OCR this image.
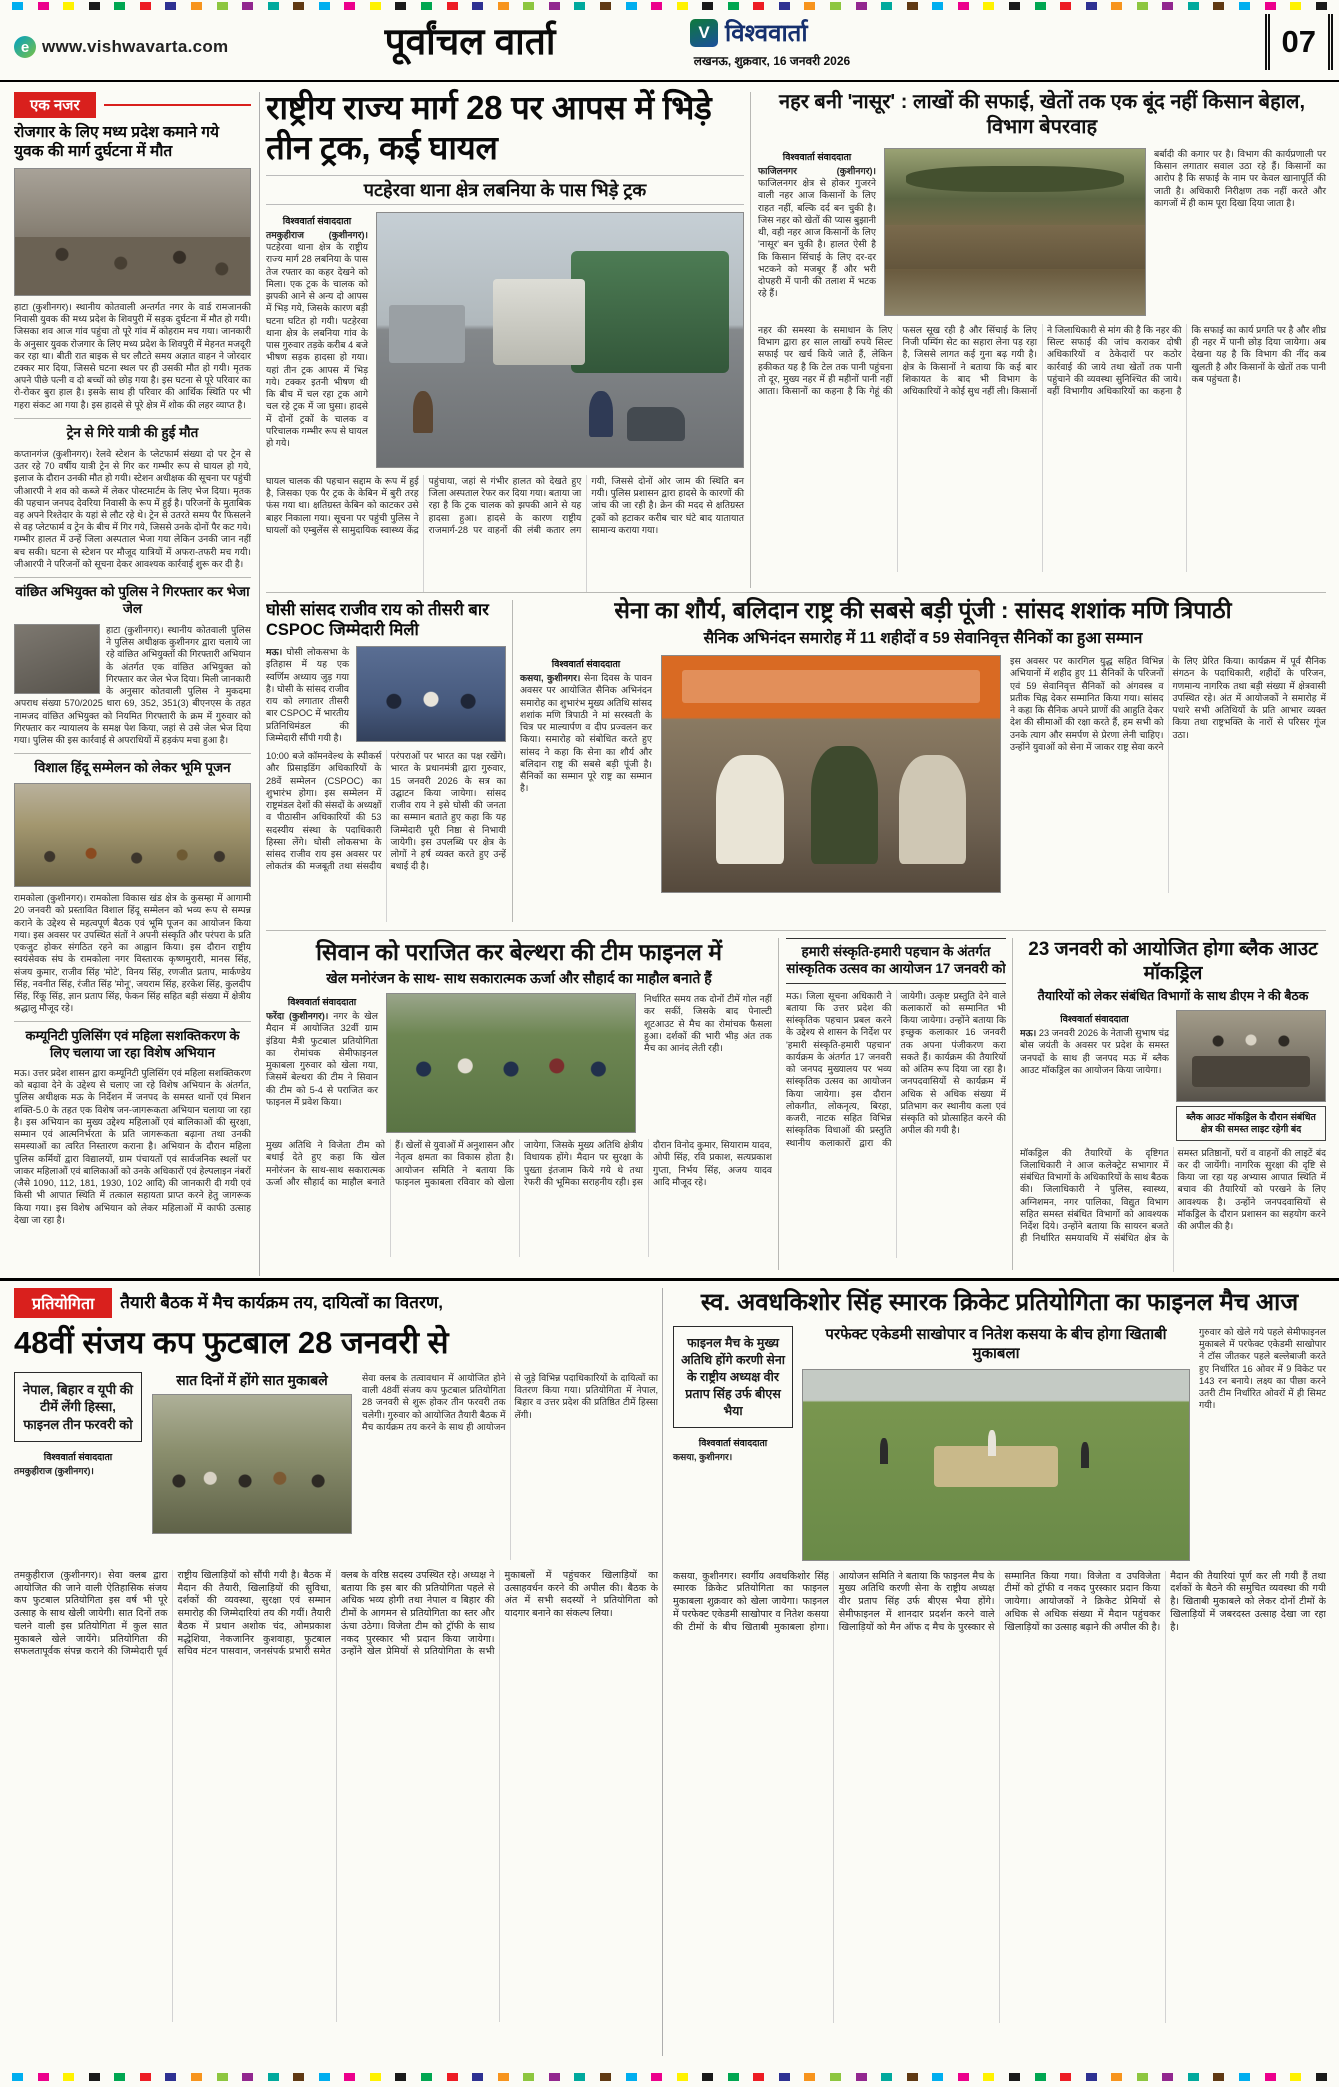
e www.vishwavarta.com	पूर्वांचल वार्ता	V विश्ववार्ता
लखनऊ, शुक्रवार, 16 जनवरी 2026
07
एक नजर
रोजगार के लिए मध्य प्रदेश कमाने गये युवक की मार्ग दुर्घटना में मौत
हाटा (कुशीनगर)। स्थानीय कोतवाली अन्तर्गत नगर के वार्ड रामजानकी निवासी युवक की मध्य प्रदेश के शिवपुरी में सड़क दुर्घटना में मौत हो गयी। जिसका शव आज गांव पहुंचा तो पूरे गांव में कोहराम मच गया। जानकारी के अनुसार युवक रोजगार के लिए मध्य प्रदेश के शिवपुरी में मेहनत मजदूरी कर रहा था। बीती रात बाइक से घर लौटते समय अज्ञात वाहन ने जोरदार टक्कर मार दिया, जिससे घटना स्थल पर ही उसकी मौत हो गयी। मृतक अपने पीछे पत्नी व दो बच्चों को छोड़ गया है। इस घटना से पूरे परिवार का रो-रोकर बुरा हाल है। इसके साथ ही परिवार की आर्थिक स्थिति पर भी गहरा संकट आ गया है। इस हादसे से पूरे क्षेत्र में शोक की लहर व्याप्त है।
ट्रेन से गिरे यात्री की हुई मौत
कप्तानगंज (कुशीनगर)। रेलवे स्टेशन के प्लेटफार्म संख्या दो पर ट्रेन से उतर रहे 70 वर्षीय यात्री ट्रेन से गिर कर गम्भीर रूप से घायल हो गये, इलाज के दौरान उनकी मौत हो गयी। स्टेशन अधीक्षक की सूचना पर पहुंची जीआरपी ने शव को कब्जे में लेकर पोस्टमार्टम के लिए भेज दिया। मृतक की पहचान जनपद देवरिया निवासी के रूप में हुई है। परिजनों के मुताबिक वह अपने रिश्तेदार के यहां से लौट रहे थे। ट्रेन से उतरते समय पैर फिसलने से वह प्लेटफार्म व ट्रेन के बीच में गिर गये, जिससे उनके दोनों पैर कट गये। गम्भीर हालत में उन्हें जिला अस्पताल भेजा गया लेकिन उनकी जान नहीं बच सकी। घटना से स्टेशन पर मौजूद यात्रियों में अफरा-तफरी मच गयी। जीआरपी ने परिजनों को सूचना देकर आवश्यक कार्रवाई शुरू कर दी है।
वांछित अभियुक्त को पुलिस ने गिरफ्तार कर भेजा जेल
हाटा (कुशीनगर)। स्थानीय कोतवाली पुलिस ने पुलिस अधीक्षक कुशीनगर द्वारा चलाये जा रहे वांछित अभियुक्तों की गिरफ्तारी अभियान के अंतर्गत एक वांछित अभियुक्त को गिरफ्तार कर जेल भेज दिया। मिली जानकारी के अनुसार कोतवाली पुलिस ने मुकदमा अपराध संख्या 570/2025 धारा 69, 352, 351(3) बीएनएस के तहत नामजद वांछित अभियुक्त को नियमित गिरफ्तारी के क्रम में गुरुवार को गिरफ्तार कर न्यायालय के समक्ष पेश किया, जहां से उसे जेल भेज दिया गया। पुलिस की इस कार्रवाई से अपराधियों में हड़कंप मचा हुआ है।
विशाल हिंदू सम्मेलन को लेकर भूमि पूजन
रामकोला (कुशीनगर)। रामकोला विकास खंड क्षेत्र के कुसम्हा में आगामी 20 जनवरी को प्रस्तावित विशाल हिंदू सम्मेलन को भव्य रूप से सम्पन्न कराने के उद्देश्य से महत्वपूर्ण बैठक एवं भूमि पूजन का आयोजन किया गया। इस अवसर पर उपस्थित संतों ने अपनी संस्कृति और परंपरा के प्रति एकजुट होकर संगठित रहने का आह्वान किया। इस दौरान राष्ट्रीय स्वयंसेवक संघ के रामकोला नगर विस्तारक कृष्णमुरारी, मानस सिंह, संजय कुमार, राजीव सिंह 'मोटे', विनय सिंह, रणजीत प्रताप, मार्कण्डेय सिंह, नवनीत सिंह, रंजीत सिंह 'मोनू', जयराम सिंह, हरकेश सिंह, कुलदीप सिंह, रिंकू सिंह, ज्ञान प्रताप सिंह, फेकन सिंह सहित बड़ी संख्या में क्षेत्रीय श्रद्धालु मौजूद रहे।
कम्यूनिटी पुलिसिंग एवं महिला सशक्तिकरण के लिए चलाया जा रहा विशेष अभियान
मऊ। उत्तर प्रदेश शासन द्वारा कम्यूनिटी पुलिसिंग एवं महिला सशक्तिकरण को बढ़ावा देने के उद्देश्य से चलाए जा रहे विशेष अभियान के अंतर्गत, पुलिस अधीक्षक मऊ के निर्देशन में जनपद के समस्त थानों एवं मिशन शक्ति-5.0 के तहत एक विशेष जन-जागरूकता अभियान चलाया जा रहा है। इस अभियान का मुख्य उद्देश्य महिलाओं एवं बालिकाओं की सुरक्षा, सम्मान एवं आत्मनिर्भरता के प्रति जागरूकता बढ़ाना तथा उनकी समस्याओं का त्वरित निस्तारण कराना है। अभियान के दौरान महिला पुलिस कर्मियों द्वारा विद्यालयों, ग्राम पंचायतों एवं सार्वजनिक स्थलों पर जाकर महिलाओं एवं बालिकाओं को उनके अधिकारों एवं हेल्पलाइन नंबरों (जैसे 1090, 112, 181, 1930, 102 आदि) की जानकारी दी गयी एवं किसी भी आपात स्थिति में तत्काल सहायता प्राप्त करने हेतु जागरूक किया गया। इस विशेष अभियान को लेकर महिलाओं में काफी उत्साह देखा जा रहा है।
राष्ट्रीय राज्य मार्ग 28 पर आपस में भिड़े तीन ट्रक, कई घायल
पटहेरवा थाना क्षेत्र लबनिया के पास भिड़े ट्रक
विश्ववार्ता संवाददाता
तमकुहीराज (कुशीनगर)। पटहेरवा थाना क्षेत्र के राष्ट्रीय राज्य मार्ग 28 लबनिया के पास तेज रफ्तार का कहर देखने को मिला। एक ट्रक के चालक को झपकी आने से अन्य दो आपस में भिड़ गये, जिसके कारण बड़ी घटना घटित हो गयी। पटहेरवा थाना क्षेत्र के लबनिया गांव के पास गुरुवार तड़के करीब 4 बजे भीषण सड़क हादसा हो गया। यहां तीन ट्रक आपस में भिड़ गये। टक्कर इतनी भीषण थी कि बीच में चल रहा ट्रक आगे चल रहे ट्रक में जा घुसा। हादसे में दोनों ट्रकों के चालक व परिचालक गम्भीर रूप से घायल हो गये।
घायल चालक की पहचान सद्दाम के रूप में हुई है, जिसका एक पैर ट्रक के केबिन में बुरी तरह फंस गया था। क्षतिग्रस्त केबिन को काटकर उसे बाहर निकाला गया। सूचना पर पहुंची पुलिस ने घायलों को एम्बुलेंस से सामुदायिक स्वास्थ्य केंद्र पहुंचाया, जहां से गंभीर हालत को देखते हुए जिला अस्पताल रेफर कर दिया गया। बताया जा रहा है कि ट्रक चालक को झपकी आने से यह हादसा हुआ। हादसे के कारण राष्ट्रीय राजमार्ग-28 पर वाहनों की लंबी कतार लग गयी, जिससे दोनों ओर जाम की स्थिति बन गयी। पुलिस प्रशासन द्वारा हादसे के कारणों की जांच की जा रही है। क्रेन की मदद से क्षतिग्रस्त ट्रकों को हटाकर करीब चार घंटे बाद यातायात सामान्य कराया गया।
नहर बनी 'नासूर' : लाखों की सफाई, खेतों तक एक बूंद नहीं किसान बेहाल, विभाग बेपरवाह
विश्ववार्ता संवाददाता
फाजिलनगर (कुशीनगर)। फाजिलनगर क्षेत्र से होकर गुजरने वाली नहर आज किसानों के लिए राहत नहीं, बल्कि दर्द बन चुकी है। जिस नहर को खेतों की प्यास बुझानी थी, वही नहर आज किसानों के लिए 'नासूर' बन चुकी है। हालत ऐसी है कि किसान सिंचाई के लिए दर-दर भटकने को मजबूर हैं और भरी दोपहरी में पानी की तलाश में भटक रहे हैं।
बर्बादी की कगार पर है। विभाग की कार्यप्रणाली पर किसान लगातार सवाल उठा रहे हैं। किसानों का आरोप है कि सफाई के नाम पर केवल खानापूर्ति की जाती है। अधिकारी निरीक्षण तक नहीं करते और कागजों में ही काम पूरा दिखा दिया जाता है।
नहर की समस्या के समाधान के लिए विभाग द्वारा हर साल लाखों रुपये सिल्ट सफाई पर खर्च किये जाते हैं, लेकिन हकीकत यह है कि टेल तक पानी पहुंचना तो दूर, मुख्य नहर में ही महीनों पानी नहीं आता। किसानों का कहना है कि गेहूं की फसल सूख रही है और सिंचाई के लिए निजी पम्पिंग सेट का सहारा लेना पड़ रहा है, जिससे लागत कई गुना बढ़ गयी है। क्षेत्र के किसानों ने बताया कि कई बार शिकायत के बाद भी विभाग के अधिकारियों ने कोई सुध नहीं ली। किसानों ने जिलाधिकारी से मांग की है कि नहर की सिल्ट सफाई की जांच कराकर दोषी अधिकारियों व ठेकेदारों पर कठोर कार्रवाई की जाये तथा खेतों तक पानी पहुंचाने की व्यवस्था सुनिश्चित की जाये। वहीं विभागीय अधिकारियों का कहना है कि सफाई का कार्य प्रगति पर है और शीघ्र ही नहर में पानी छोड़ दिया जायेगा। अब देखना यह है कि विभाग की नींद कब खुलती है और किसानों के खेतों तक पानी कब पहुंचता है।
घोसी सांसद राजीव राय को तीसरी बार CSPOC जिम्मेदारी मिली
मऊ। घोसी लोकसभा के इतिहास में यह एक स्वर्णिम अध्याय जुड़ गया है। घोसी के सांसद राजीव राय को लगातार तीसरी बार CSPOC में भारतीय प्रतिनिधिमंडल की जिम्मेदारी सौंपी गयी है।
10:00 बजे कॉमनवेल्थ के स्पीकर्स और प्रिसाइडिंग अधिकारियों के 28वें सम्मेलन (CSPOC) का शुभारंभ होगा। इस सम्मेलन में राष्ट्रमंडल देशों की संसदों के अध्यक्षों व पीठासीन अधिकारियों की 53 सदस्यीय संस्था के पदाधिकारी हिस्सा लेंगे। घोसी लोकसभा के सांसद राजीव राय इस अवसर पर लोकतंत्र की मजबूती तथा संसदीय परंपराओं पर भारत का पक्ष रखेंगे। भारत के प्रधानमंत्री द्वारा गुरुवार, 15 जनवरी 2026 के सत्र का उद्घाटन किया जायेगा। सांसद राजीव राय ने इसे घोसी की जनता का सम्मान बताते हुए कहा कि यह जिम्मेदारी पूरी निष्ठा से निभायी जायेगी। इस उपलब्धि पर क्षेत्र के लोगों ने हर्ष व्यक्त करते हुए उन्हें बधाई दी है।
सेना का शौर्य, बलिदान राष्ट्र की सबसे बड़ी पूंजी : सांसद शशांक मणि त्रिपाठी
सैनिक अभिनंदन समारोह में 11 शहीदों व 59 सेवानिवृत्त सैनिकों का हुआ सम्मान
विश्ववार्ता संवाददाता
कसया, कुशीनगर। सेना दिवस के पावन अवसर पर आयोजित सैनिक अभिनंदन समारोह का शुभारंभ मुख्य अतिथि सांसद शशांक मणि त्रिपाठी ने मां सरस्वती के चित्र पर माल्यार्पण व दीप प्रज्वलन कर किया। समारोह को संबोधित करते हुए सांसद ने कहा कि सेना का शौर्य और बलिदान राष्ट्र की सबसे बड़ी पूंजी है। सैनिकों का सम्मान पूरे राष्ट्र का सम्मान है।
इस अवसर पर कारगिल युद्ध सहित विभिन्न अभियानों में शहीद हुए 11 सैनिकों के परिजनों एवं 59 सेवानिवृत्त सैनिकों को अंगवस्त्र व प्रतीक चिह्न देकर सम्मानित किया गया। सांसद ने कहा कि सैनिक अपने प्राणों की आहुति देकर देश की सीमाओं की रक्षा करते हैं, हम सभी को उनके त्याग और समर्पण से प्रेरणा लेनी चाहिए। उन्होंने युवाओं को सेना में जाकर राष्ट्र सेवा करने के लिए प्रेरित किया। कार्यक्रम में पूर्व सैनिक संगठन के पदाधिकारी, शहीदों के परिजन, गणमान्य नागरिक तथा बड़ी संख्या में क्षेत्रवासी उपस्थित रहे। अंत में आयोजकों ने समारोह में पधारे सभी अतिथियों के प्रति आभार व्यक्त किया तथा राष्ट्रभक्ति के नारों से परिसर गूंज उठा।
सिवान को पराजित कर बेल्थरा की टीम फाइनल में
खेल मनोरंजन के साथ- साथ सकारात्मक ऊर्जा और सौहार्द का माहौल बनाते हैं
विश्ववार्ता संवाददाता
फरेंदा (कुशीनगर)। नगर के खेल मैदान में आयोजित 32वीं ग्राम इंडिया मैत्री फुटबाल प्रतियोगिता का रोमांचक सेमीफाइनल मुकाबला गुरुवार को खेला गया, जिसमें बेल्थरा की टीम ने सिवान की टीम को 5-4 से पराजित कर फाइनल में प्रवेश किया।
निर्धारित समय तक दोनों टीमें गोल नहीं कर सकीं, जिसके बाद पेनाल्टी शूटआउट से मैच का रोमांचक फैसला हुआ। दर्शकों की भारी भीड़ अंत तक मैच का आनंद लेती रही।
मुख्य अतिथि ने विजेता टीम को बधाई देते हुए कहा कि खेल मनोरंजन के साथ-साथ सकारात्मक ऊर्जा और सौहार्द का माहौल बनाते हैं। खेलों से युवाओं में अनुशासन और नेतृत्व क्षमता का विकास होता है। आयोजन समिति ने बताया कि फाइनल मुकाबला रविवार को खेला जायेगा, जिसके मुख्य अतिथि क्षेत्रीय विधायक होंगे। मैदान पर सुरक्षा के पुख्ता इंतजाम किये गये थे तथा रेफरी की भूमिका सराहनीय रही। इस दौरान विनोद कुमार, सियाराम यादव, ओपी सिंह, रवि प्रकाश, सत्यप्रकाश गुप्ता, निर्भय सिंह, अजय यादव आदि मौजूद रहे।
हमारी संस्कृति-हमारी पहचान के अंतर्गत सांस्कृतिक उत्सव का आयोजन 17 जनवरी को
मऊ। जिला सूचना अधिकारी ने बताया कि उत्तर प्रदेश की सांस्कृतिक पहचान प्रबल करने के उद्देश्य से शासन के निर्देश पर 'हमारी संस्कृति-हमारी पहचान' कार्यक्रम के अंतर्गत 17 जनवरी को जनपद मुख्यालय पर भव्य सांस्कृतिक उत्सव का आयोजन किया जायेगा। इस दौरान लोकगीत, लोकनृत्य, बिरहा, कजरी, नाटक सहित विभिन्न सांस्कृतिक विधाओं की प्रस्तुति स्थानीय कलाकारों द्वारा की जायेगी। उत्कृष्ट प्रस्तुति देने वाले कलाकारों को सम्मानित भी किया जायेगा। उन्होंने बताया कि इच्छुक कलाकार 16 जनवरी तक अपना पंजीकरण करा सकते हैं। कार्यक्रम की तैयारियों को अंतिम रूप दिया जा रहा है। जनपदवासियों से कार्यक्रम में अधिक से अधिक संख्या में प्रतिभाग कर स्थानीय कला एवं संस्कृति को प्रोत्साहित करने की अपील की गयी है।
23 जनवरी को आयोजित होगा ब्लैक आउट मॉकड्रिल
तैयारियों को लेकर संबंधित विभागों के साथ डीएम ने की बैठक
विश्ववार्ता संवाददाता
मऊ। 23 जनवरी 2026 के नेताजी सुभाष चंद्र बोस जयंती के अवसर पर प्रदेश के समस्त जनपदों के साथ ही जनपद मऊ में ब्लैक आउट मॉकड्रिल का आयोजन किया जायेगा।
ब्लैक आउट मॉकड्रिल के दौरान संबंधित क्षेत्र की समस्त लाइट रहेगी बंद
मॉकड्रिल की तैयारियों के दृष्टिगत जिलाधिकारी ने आज कलेक्ट्रेट सभागार में संबंधित विभागों के अधिकारियों के साथ बैठक की। जिलाधिकारी ने पुलिस, स्वास्थ्य, अग्निशमन, नगर पालिका, विद्युत विभाग सहित समस्त संबंधित विभागों को आवश्यक निर्देश दिये। उन्होंने बताया कि सायरन बजते ही निर्धारित समयावधि में संबंधित क्षेत्र के समस्त प्रतिष्ठानों, घरों व वाहनों की लाइटें बंद कर दी जायेंगी। नागरिक सुरक्षा की दृष्टि से किया जा रहा यह अभ्यास आपात स्थिति में बचाव की तैयारियों को परखने के लिए आवश्यक है। उन्होंने जनपदवासियों से मॉकड्रिल के दौरान प्रशासन का सहयोग करने की अपील की है।
प्रतियोगिता	तैयारी बैठक में मैच कार्यक्रम तय, दायित्वों का वितरण,
48वीं संजय कप फुटबाल 28 जनवरी से
नेपाल, बिहार व यूपी की टीमें लेंगी हिस्सा, फाइनल तीन फरवरी को
विश्ववार्ता संवाददाता
तमकुहीराज (कुशीनगर)।
सात दिनों में होंगे सात मुकाबले	सेवा क्लब के तत्वावधान में आयोजित होने वाली 48वीं संजय कप फुटबाल प्रतियोगिता 28 जनवरी से शुरू होकर तीन फरवरी तक चलेगी। गुरुवार को आयोजित तैयारी बैठक में मैच कार्यक्रम तय करने के साथ ही आयोजन से जुड़े विभिन्न पदाधिकारियों के दायित्वों का वितरण किया गया। प्रतियोगिता में नेपाल, बिहार व उत्तर प्रदेश की प्रतिष्ठित टीमें हिस्सा लेंगी।
तमकुहीराज (कुशीनगर)। सेवा क्लब द्वारा आयोजित की जाने वाली ऐतिहासिक संजय कप फुटबाल प्रतियोगिता इस वर्ष भी पूरे उत्साह के साथ खेली जायेगी। सात दिनों तक चलने वाली इस प्रतियोगिता में कुल सात मुकाबले खेले जायेंगे। प्रतियोगिता की सफलतापूर्वक संपन्न कराने की जिम्मेदारी पूर्व राष्ट्रीय खिलाड़ियों को सौंपी गयी है। बैठक में मैदान की तैयारी, खिलाड़ियों की सुविधा, दर्शकों की व्यवस्था, सुरक्षा एवं सम्मान समारोह की जिम्मेदारियां तय की गयीं। तैयारी बैठक में प्रधान अशोक चंद, ओमप्रकाश मद्धेशिया, नेकजानिर कुशवाहा, फुटबाल सचिव मंटन पासवान, जनसंपर्क प्रभारी समेत क्लब के वरिष्ठ सदस्य उपस्थित रहे। अध्यक्ष ने बताया कि इस बार की प्रतियोगिता पहले से अधिक भव्य होगी तथा नेपाल व बिहार की टीमों के आगमन से प्रतियोगिता का स्तर और ऊंचा उठेगा। विजेता टीम को ट्रॉफी के साथ नकद पुरस्कार भी प्रदान किया जायेगा। उन्होंने खेल प्रेमियों से प्रतियोगिता के सभी मुकाबलों में पहुंचकर खिलाड़ियों का उत्साहवर्धन करने की अपील की। बैठक के अंत में सभी सदस्यों ने प्रतियोगिता को यादगार बनाने का संकल्प लिया।
स्व. अवधकिशोर सिंह स्मारक क्रिकेट प्रतियोगिता का फाइनल मैच आज
फाइनल मैच के मुख्य अतिथि होंगे करणी सेना के राष्ट्रीय अध्यक्ष वीर प्रताप सिंह उर्फ बीएस भैया
विश्ववार्ता संवाददाता
कसया, कुशीनगर।
परफेक्ट एकेडमी साखोपार व नितेश कसया के बीच होगा खिताबी मुकाबला
गुरुवार को खेले गये पहले सेमीफाइनल मुकाबले में परफेक्ट एकेडमी साखोपार ने टॉस जीतकर पहले बल्लेबाजी करते हुए निर्धारित 16 ओवर में 9 विकेट पर 143 रन बनाये। लक्ष्य का पीछा करने उतरी टीम निर्धारित ओवरों में ही सिमट गयी।
कसया, कुशीनगर। स्वर्गीय अवधकिशोर सिंह स्मारक क्रिकेट प्रतियोगिता का फाइनल मुकाबला शुक्रवार को खेला जायेगा। फाइनल में परफेक्ट एकेडमी साखोपार व नितेश कसया की टीमों के बीच खिताबी मुकाबला होगा। आयोजन समिति ने बताया कि फाइनल मैच के मुख्य अतिथि करणी सेना के राष्ट्रीय अध्यक्ष वीर प्रताप सिंह उर्फ बीएस भैया होंगे। सेमीफाइनल में शानदार प्रदर्शन करने वाले खिलाड़ियों को मैन ऑफ द मैच के पुरस्कार से सम्मानित किया गया। विजेता व उपविजेता टीमों को ट्रॉफी व नकद पुरस्कार प्रदान किया जायेगा। आयोजकों ने क्रिकेट प्रेमियों से अधिक से अधिक संख्या में मैदान पहुंचकर खिलाड़ियों का उत्साह बढ़ाने की अपील की है। मैदान की तैयारियां पूर्ण कर ली गयी हैं तथा दर्शकों के बैठने की समुचित व्यवस्था की गयी है। खिताबी मुकाबले को लेकर दोनों टीमों के खिलाड़ियों में जबरदस्त उत्साह देखा जा रहा है।
